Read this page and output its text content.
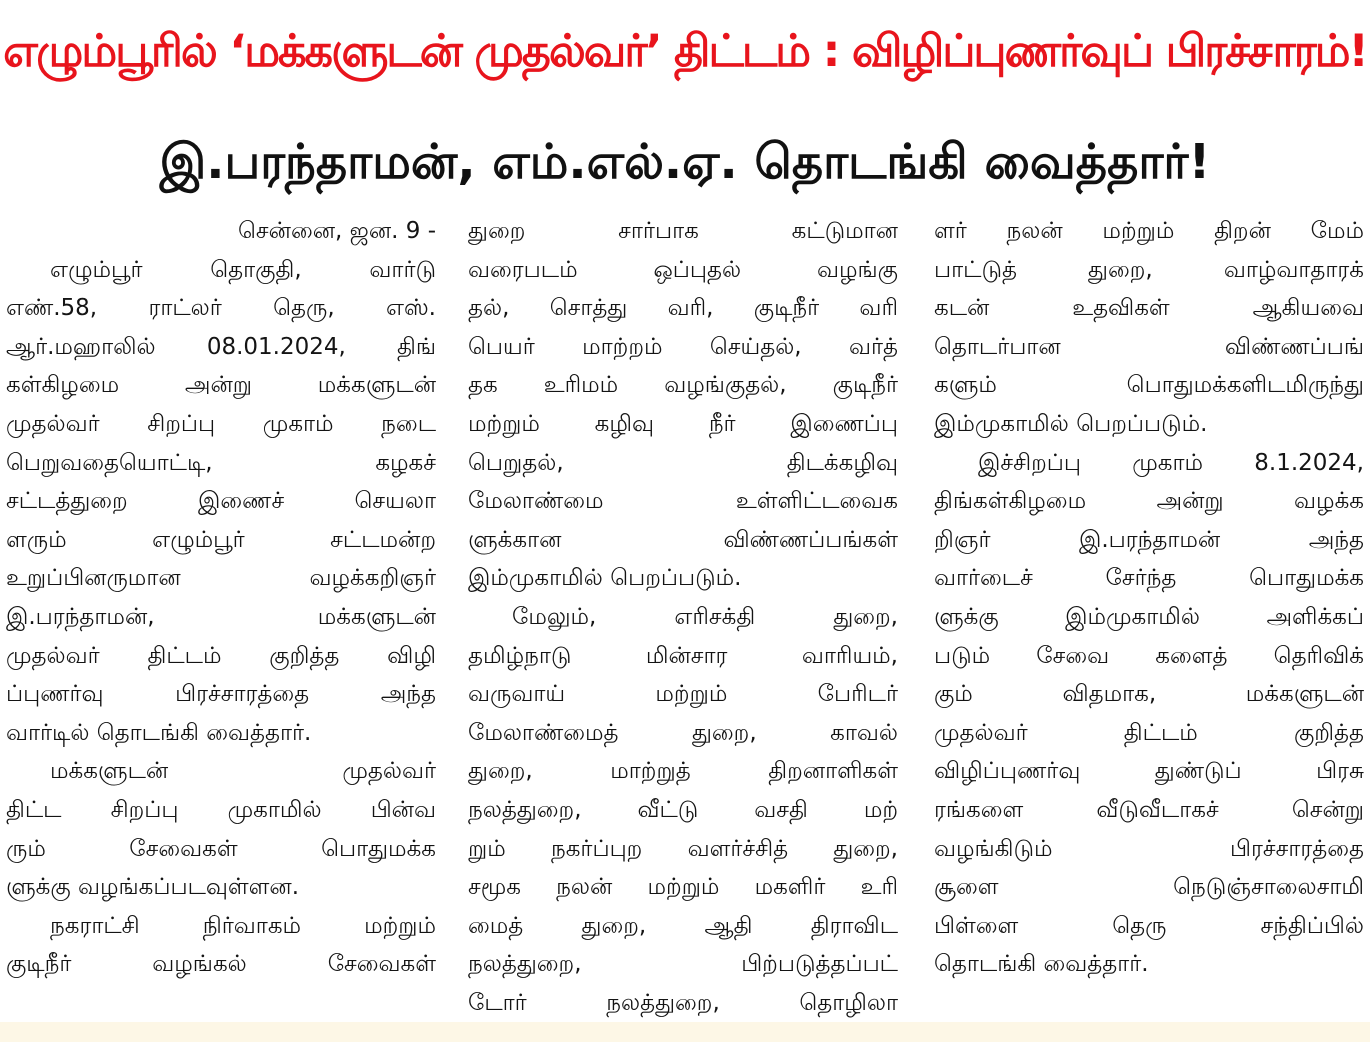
எழும்பூரில் ‘மக்களுடன் முதல்வர்’ திட்டம் : விழிப்புணர்வுப் பிரச்சாரம்!
இ.பரந்தாமன், எம்.எல்.ஏ. தொடங்கி வைத்தார்!
சென்னை, ஜன. 9 -
எழும்பூர் தொகுதி, வார்டு
எண்.58, ராட்லர் தெரு, எஸ்.
ஆர்.மஹாலில் 08.01.2024, திங்
கள்கிழமை அன்று மக்களுடன்
முதல்வர் சிறப்பு முகாம் நடை
பெறுவதையொட்டி, கழகச்
சட்டத்துறை இணைச் செயலா
ளரும் எழும்பூர் சட்டமன்ற
உறுப்பினருமான வழக்கறிஞர்
இ.பரந்தாமன், மக்களுடன்
முதல்வர் திட்டம் குறித்த விழி
ப்புணர்வு பிரச்சாரத்தை அந்த
வார்டில் தொடங்கி வைத்தார்.
மக்களுடன் முதல்வர்
திட்ட சிறப்பு முகாமில் பின்வ
ரும் சேவைகள் பொதுமக்க
ளுக்கு வழங்கப்படவுள்ளன.
நகராட்சி நிர்வாகம் மற்றும்
குடிநீர் வழங்கல் சேவைகள்
துறை சார்பாக கட்டுமான
வரைபடம் ஒப்புதல் வழங்கு
தல், சொத்து வரி, குடிநீர் வரி
பெயர் மாற்றம் செய்தல், வர்த்
தக உரிமம் வழங்குதல், குடிநீர்
மற்றும் கழிவு நீர் இணைப்பு
பெறுதல், திடக்கழிவு
மேலாண்மை உள்ளிட்டவைக
ளுக்கான விண்ணப்பங்கள்
இம்முகாமில் பெறப்படும்.
மேலும், எரிசக்தி துறை,
தமிழ்நாடு மின்சார வாரியம்,
வருவாய் மற்றும் பேரிடர்
மேலாண்மைத் துறை, காவல்
துறை, மாற்றுத் திறனாளிகள்
நலத்துறை, வீட்டு வசதி மற்
றும் நகர்ப்புற வளர்ச்சித் துறை,
சமூக நலன் மற்றும் மகளிர் உரி
மைத் துறை, ஆதி திராவிட
நலத்துறை, பிற்படுத்தப்பட்
டோர் நலத்துறை, தொழிலா
ளர் நலன் மற்றும் திறன் மேம்
பாட்டுத் துறை, வாழ்வாதாரக்
கடன் உதவிகள் ஆகியவை
தொடர்பான விண்ணப்பங்
களும் பொதுமக்களிடமிருந்து
இம்முகாமில் பெறப்படும்.
இச்சிறப்பு முகாம் 8.1.2024,
திங்கள்கிழமை அன்று வழக்க
றிஞர் இ.பரந்தாமன் அந்த
வார்டைச் சேர்ந்த பொதுமக்க
ளுக்கு இம்முகாமில் அளிக்கப்
படும் சேவை களைத் தெரிவிக்
கும் விதமாக, மக்களுடன்
முதல்வர் திட்டம் குறித்த
விழிப்புணர்வு துண்டுப் பிரசு
ரங்களை வீடுவீடாகச் சென்று
வழங்கிடும் பிரச்சாரத்தை
சூளை நெடுஞ்சாலைசாமி
பிள்ளை தெரு சந்திப்பில்
தொடங்கி வைத்தார்.
